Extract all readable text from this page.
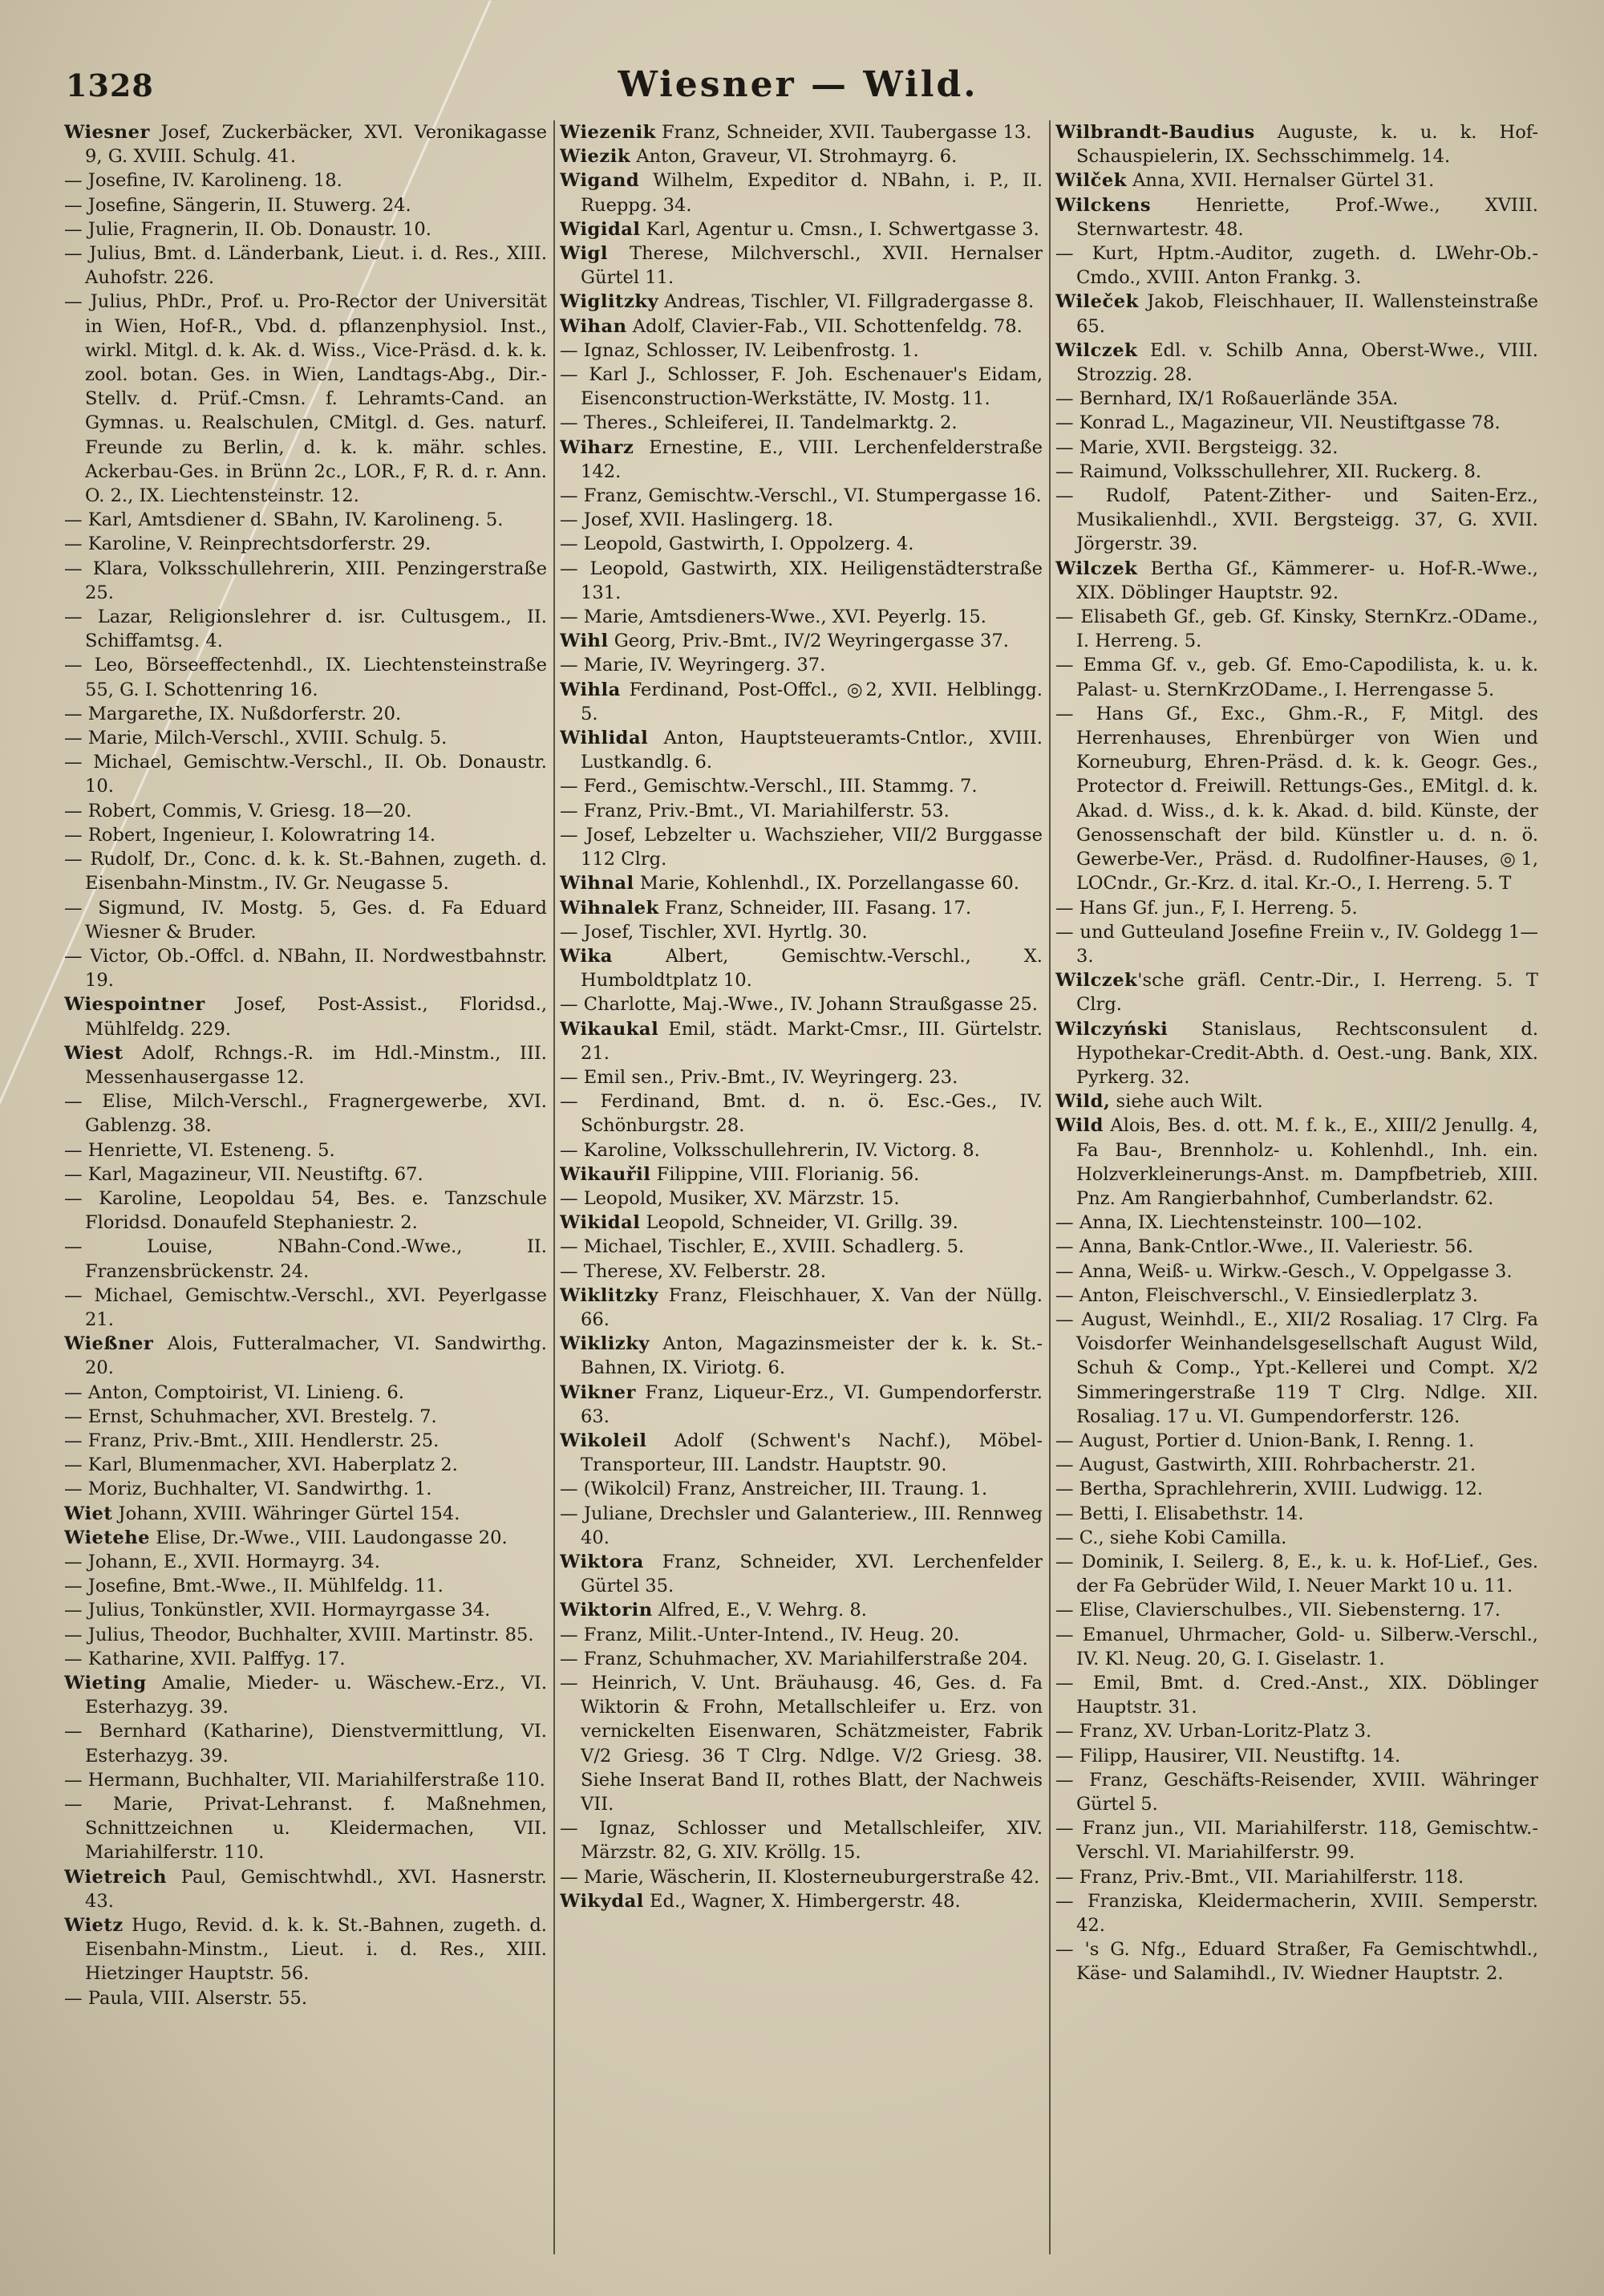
1328	Wiesner — Wild.
Wiesner Josef, Zuckerbäcker, XVI. Veronikagasse 9, G. XVIII. Schulg. 41.
— Josefine, IV. Karolineng. 18.
— Josefine, Sängerin, II. Stuwerg. 24.
— Julie, Fragnerin, II. Ob. Donaustr. 10.
— Julius, Bmt. d. Länderbank, Lieut. i. d. Res., XIII. Auhofstr. 226.
— Julius, PhDr., Prof. u. Pro-Rector der Universität in Wien, Hof-R., Vbd. d. pflanzenphysiol. Inst., wirkl. Mitgl. d. k. Ak. d. Wiss., Vice-Präsd. d. k. k. zool. botan. Ges. in Wien, Landtags-Abg., Dir.-Stellv. d. Prüf.-Cmsn. f. Lehramts-Cand. an Gymnas. u. Realschulen, CMitgl. d. Ges. naturf. Freunde zu Berlin, d. k. k. mähr. schles. Ackerbau-Ges. in Brünn 2c., LOR., F, R. d. r. Ann. O. 2., IX. Liechtensteinstr. 12.
— Karl, Amtsdiener d. SBahn, IV. Karolineng. 5.
— Karoline, V. Reinprechtsdorferstr. 29.
— Klara, Volksschullehrerin, XIII. Penzingerstraße 25.
— Lazar, Religionslehrer d. isr. Cultusgem., II. Schiffamtsg. 4.
— Leo, Börseeffectenhdl., IX. Liechtensteinstraße 55, G. I. Schottenring 16.
— Margarethe, IX. Nußdorferstr. 20.
— Marie, Milch-Verschl., XVIII. Schulg. 5.
— Michael, Gemischtw.-Verschl., II. Ob. Donaustr. 10.
— Robert, Commis, V. Griesg. 18—20.
— Robert, Ingenieur, I. Kolowratring 14.
— Rudolf, Dr., Conc. d. k. k. St.-Bahnen, zugeth. d. Eisenbahn-Minstm., IV. Gr. Neugasse 5.
— Sigmund, IV. Mostg. 5, Ges. d. Fa Eduard Wiesner & Bruder.
— Victor, Ob.-Offcl. d. NBahn, II. Nordwestbahnstr. 19.
Wiespointner Josef, Post-Assist., Floridsd., Mühlfeldg. 229.
Wiest Adolf, Rchngs.-R. im Hdl.-Minstm., III. Messenhausergasse 12.
— Elise, Milch-Verschl., Fragnergewerbe, XVI. Gablenzg. 38.
— Henriette, VI. Esteneng. 5.
— Karl, Magazineur, VII. Neustiftg. 67.
— Karoline, Leopoldau 54, Bes. e. Tanzschule Floridsd. Donaufeld Stephaniestr. 2.
— Louise, NBahn-Cond.-Wwe., II. Franzensbrückenstr. 24.
— Michael, Gemischtw.-Verschl., XVI. Peyerlgasse 21.
Wießner Alois, Futteralmacher, VI. Sandwirthg. 20.
— Anton, Comptoirist, VI. Linieng. 6.
— Ernst, Schuhmacher, XVI. Brestelg. 7.
— Franz, Priv.-Bmt., XIII. Hendlerstr. 25.
— Karl, Blumenmacher, XVI. Haberplatz 2.
— Moriz, Buchhalter, VI. Sandwirthg. 1.
Wiet Johann, XVIII. Währinger Gürtel 154.
Wietehe Elise, Dr.-Wwe., VIII. Laudongasse 20.
— Johann, E., XVII. Hormayrg. 34.
— Josefine, Bmt.-Wwe., II. Mühlfeldg. 11.
— Julius, Tonkünstler, XVII. Hormayrgasse 34.
— Julius, Theodor, Buchhalter, XVIII. Martinstr. 85.
— Katharine, XVII. Palffyg. 17.
Wieting Amalie, Mieder- u. Wäschew.-Erz., VI. Esterhazyg. 39.
— Bernhard (Katharine), Dienstvermittlung, VI. Esterhazyg. 39.
— Hermann, Buchhalter, VII. Mariahilferstraße 110.
— Marie, Privat-Lehranst. f. Maßnehmen, Schnittzeichnen u. Kleidermachen, VII. Mariahilferstr. 110.
Wietreich Paul, Gemischtwhdl., XVI. Hasnerstr. 43.
Wietz Hugo, Revid. d. k. k. St.-Bahnen, zugeth. d. Eisenbahn-Minstm., Lieut. i. d. Res., XIII. Hietzinger Hauptstr. 56.
— Paula, VIII. Alserstr. 55.
Wiezenik Franz, Schneider, XVII. Taubergasse 13.
Wiezik Anton, Graveur, VI. Strohmayrg. 6.
Wigand Wilhelm, Expeditor d. NBahn, i. P., II. Rueppg. 34.
Wigidal Karl, Agentur u. Cmsn., I. Schwertgasse 3.
Wigl Therese, Milchverschl., XVII. Hernalser Gürtel 11.
Wiglitzky Andreas, Tischler, VI. Fillgradergasse 8.
Wihan Adolf, Clavier-Fab., VII. Schottenfeldg. 78.
— Ignaz, Schlosser, IV. Leibenfrostg. 1.
— Karl J., Schlosser, F. Joh. Eschenauer's Eidam, Eisenconstruction-Werkstätte, IV. Mostg. 11.
— Theres., Schleiferei, II. Tandelmarktg. 2.
Wiharz Ernestine, E., VIII. Lerchenfelderstraße 142.
— Franz, Gemischtw.-Verschl., VI. Stumpergasse 16.
— Josef, XVII. Haslingerg. 18.
— Leopold, Gastwirth, I. Oppolzerg. 4.
— Leopold, Gastwirth, XIX. Heiligenstädterstraße 131.
— Marie, Amtsdieners-Wwe., XVI. Peyerlg. 15.
Wihl Georg, Priv.-Bmt., IV/2 Weyringergasse 37.
— Marie, IV. Weyringerg. 37.
Wihla Ferdinand, Post-Offcl., ◎2, XVII. Helblingg. 5.
Wihlidal Anton, Hauptsteueramts-Cntlor., XVIII. Lustkandlg. 6.
— Ferd., Gemischtw.-Verschl., III. Stammg. 7.
— Franz, Priv.-Bmt., VI. Mariahilferstr. 53.
— Josef, Lebzelter u. Wachszieher, VII/2 Burggasse 112 Clrg.
Wihnal Marie, Kohlenhdl., IX. Porzellangasse 60.
Wihnalek Franz, Schneider, III. Fasang. 17.
— Josef, Tischler, XVI. Hyrtlg. 30.
Wika Albert, Gemischtw.-Verschl., X. Humboldtplatz 10.
— Charlotte, Maj.-Wwe., IV. Johann Straußgasse 25.
Wikaukal Emil, städt. Markt-Cmsr., III. Gürtelstr. 21.
— Emil sen., Priv.-Bmt., IV. Weyringerg. 23.
— Ferdinand, Bmt. d. n. ö. Esc.-Ges., IV. Schönburgstr. 28.
— Karoline, Volksschullehrerin, IV. Victorg. 8.
Wikauřil Filippine, VIII. Florianig. 56.
— Leopold, Musiker, XV. Märzstr. 15.
Wikidal Leopold, Schneider, VI. Grillg. 39.
— Michael, Tischler, E., XVIII. Schadlerg. 5.
— Therese, XV. Felberstr. 28.
Wiklitzky Franz, Fleischhauer, X. Van der Nüllg. 66.
Wiklizky Anton, Magazinsmeister der k. k. St.-Bahnen, IX. Viriotg. 6.
Wikner Franz, Liqueur-Erz., VI. Gumpendorferstr. 63.
Wikoleil Adolf (Schwent's Nachf.), Möbel-Transporteur, III. Landstr. Hauptstr. 90.
— (Wikolcil) Franz, Anstreicher, III. Traung. 1.
— Juliane, Drechsler und Galanteriew., III. Rennweg 40.
Wiktora Franz, Schneider, XVI. Lerchenfelder Gürtel 35.
Wiktorin Alfred, E., V. Wehrg. 8.
— Franz, Milit.-Unter-Intend., IV. Heug. 20.
— Franz, Schuhmacher, XV. Mariahilferstraße 204.
— Heinrich, V. Unt. Bräuhausg. 46, Ges. d. Fa Wiktorin & Frohn, Metallschleifer u. Erz. von vernickelten Eisenwaren, Schätzmeister, Fabrik V/2 Griesg. 36 T Clrg. Ndlge. V/2 Griesg. 38. Siehe Inserat Band II, rothes Blatt, der Nachweis VII.
— Ignaz, Schlosser und Metallschleifer, XIV. Märzstr. 82, G. XIV. Kröllg. 15.
— Marie, Wäscherin, II. Klosterneuburgerstraße 42.
Wikydal Ed., Wagner, X. Himbergerstr. 48.
Wilbrandt-Baudius Auguste, k. u. k. Hof-Schauspielerin, IX. Sechsschimmelg. 14.
Wilček Anna, XVII. Hernalser Gürtel 31.
Wilckens Henriette, Prof.-Wwe., XVIII. Sternwartestr. 48.
— Kurt, Hptm.-Auditor, zugeth. d. LWehr-Ob.-Cmdo., XVIII. Anton Frankg. 3.
Wileček Jakob, Fleischhauer, II. Wallensteinstraße 65.
Wilczek Edl. v. Schilb Anna, Oberst-Wwe., VIII. Strozzig. 28.
— Bernhard, IX/1 Roßauerlände 35A.
— Konrad L., Magazineur, VII. Neustiftgasse 78.
— Marie, XVII. Bergsteigg. 32.
— Raimund, Volksschullehrer, XII. Ruckerg. 8.
— Rudolf, Patent-Zither- und Saiten-Erz., Musikalienhdl., XVII. Bergsteigg. 37, G. XVII. Jörgerstr. 39.
Wilczek Bertha Gf., Kämmerer- u. Hof-R.-Wwe., XIX. Döblinger Hauptstr. 92.
— Elisabeth Gf., geb. Gf. Kinsky, SternKrz.-ODame., I. Herreng. 5.
— Emma Gf. v., geb. Gf. Emo-Capodilista, k. u. k. Palast- u. SternKrzODame., I. Herrengasse 5.
— Hans Gf., Exc., Ghm.-R., F, Mitgl. des Herrenhauses, Ehrenbürger von Wien und Korneuburg, Ehren-Präsd. d. k. k. Geogr. Ges., Protector d. Freiwill. Rettungs-Ges., EMitgl. d. k. Akad. d. Wiss., d. k. k. Akad. d. bild. Künste, der Genossenschaft der bild. Künstler u. d. n. ö. Gewerbe-Ver., Präsd. d. Rudolfiner-Hauses, ◎1, LOCndr., Gr.-Krz. d. ital. Kr.-O., I. Herreng. 5. T
— Hans Gf. jun., F, I. Herreng. 5.
— und Gutteuland Josefine Freiin v., IV. Goldegg 1—3.
Wilczek'sche gräfl. Centr.-Dir., I. Herreng. 5. T Clrg.
Wilczyński Stanislaus, Rechtsconsulent d. Hypothekar-Credit-Abth. d. Oest.-ung. Bank, XIX. Pyrkerg. 32.
Wild, siehe auch Wilt.
Wild Alois, Bes. d. ott. M. f. k., E., XIII/2 Jenullg. 4, Fa Bau-, Brennholz- u. Kohlenhdl., Inh. ein. Holzverkleinerungs-Anst. m. Dampfbetrieb, XIII. Pnz. Am Rangierbahnhof, Cumberlandstr. 62.
— Anna, IX. Liechtensteinstr. 100—102.
— Anna, Bank-Cntlor.-Wwe., II. Valeriestr. 56.
— Anna, Weiß- u. Wirkw.-Gesch., V. Oppelgasse 3.
— Anton, Fleischverschl., V. Einsiedlerplatz 3.
— August, Weinhdl., E., XII/2 Rosaliag. 17 Clrg. Fa Voisdorfer Weinhandelsgesellschaft August Wild, Schuh & Comp., Ypt.-Kellerei und Compt. X/2 Simmeringerstraße 119 T Clrg. Ndlge. XII. Rosaliag. 17 u. VI. Gumpendorferstr. 126.
— August, Portier d. Union-Bank, I. Renng. 1.
— August, Gastwirth, XIII. Rohrbacherstr. 21.
— Bertha, Sprachlehrerin, XVIII. Ludwigg. 12.
— Betti, I. Elisabethstr. 14.
— C., siehe Kobi Camilla.
— Dominik, I. Seilerg. 8, E., k. u. k. Hof-Lief., Ges. der Fa Gebrüder Wild, I. Neuer Markt 10 u. 11.
— Elise, Clavierschulbes., VII. Siebensterng. 17.
— Emanuel, Uhrmacher, Gold- u. Silberw.-Verschl., IV. Kl. Neug. 20, G. I. Giselastr. 1.
— Emil, Bmt. d. Cred.-Anst., XIX. Döblinger Hauptstr. 31.
— Franz, XV. Urban-Loritz-Platz 3.
— Filipp, Hausirer, VII. Neustiftg. 14.
— Franz, Geschäfts-Reisender, XVIII. Währinger Gürtel 5.
— Franz jun., VII. Mariahilferstr. 118, Gemischtw.-Verschl. VI. Mariahilferstr. 99.
— Franz, Priv.-Bmt., VII. Mariahilferstr. 118.
— Franziska, Kleidermacherin, XVIII. Semperstr. 42.
— 's G. Nfg., Eduard Straßer, Fa Gemischtwhdl., Käse- und Salamihdl., IV. Wiedner Hauptstr. 2.
